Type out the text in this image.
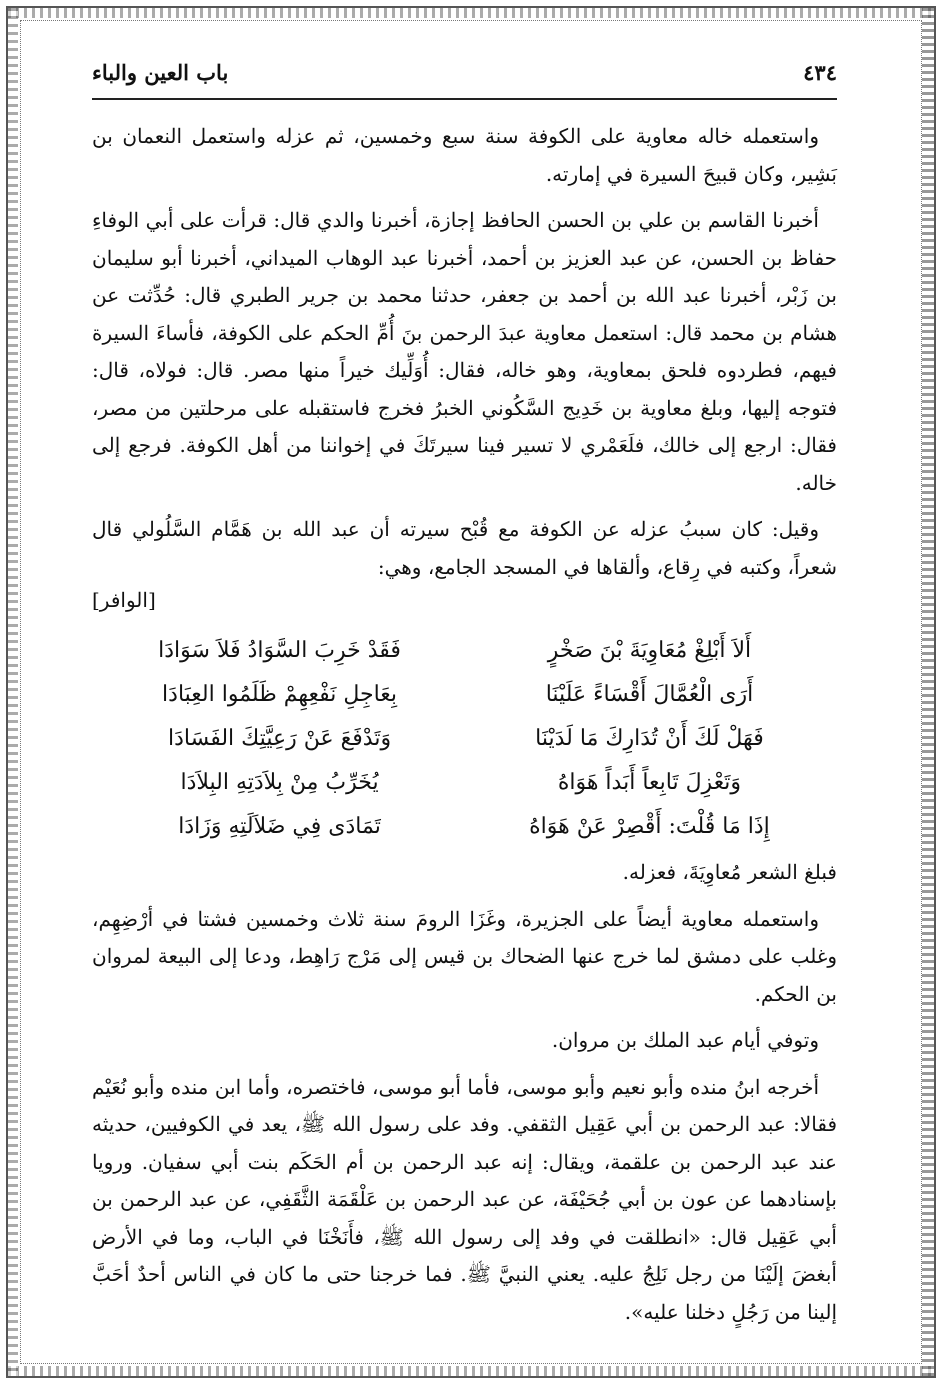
٤٣٤
باب العين والباء

واستعمله خاله معاوية على الكوفة سنة سبع وخمسين، ثم عزله واستعمل النعمان بن بَشِير، وكان قبيحَ السيرة في إمارته.

أخبرنا القاسم بن علي بن الحسن الحافظ إجازة، أخبرنا والدي قال: قرأت على أبي الوفاءِ حفاظ بن الحسن، عن عبد العزيز بن أحمد، أخبرنا عبد الوهاب الميداني، أخبرنا أبو سليمان بن زَبْر، أخبرنا عبد الله بن أحمد بن جعفر، حدثنا محمد بن جرير الطبري قال: حُدِّثت عن هشام بن محمد قال: استعمل معاوية عبدَ الرحمن بنَ أُمِّ الحكم على الكوفة، فأساءَ السيرة فيهم، فطردوه فلحق بمعاوية، وهو خاله، فقال: أُوَلِّيك خيراً منها مصر. قال: فولاه، قال: فتوجه إليها، وبلغ معاوية بن خَدِيج السَّكُوني الخبرُ فخرج فاستقبله على مرحلتين من مصر، فقال: ارجع إلى خالك، فلَعَمْري لا تسير فينا سيرتَكَ في إخواننا من أهل الكوفة. فرجع إلى خاله.

وقيل: كان سببُ عزله عن الكوفة مع قُبْح سيرته أن عبد الله بن هَمَّام السَّلُولي قال شعراً، وكتبه في رِقاع، وألقاها في المسجد الجامع، وهي:

[الوافر]
أَلاَ أَبْلِغْ مُعَاوِيَةَ بْنَ صَخْرٍ
فَقَدْ خَرِبَ السَّوَادُ فَلاَ سَوَادَا
أَرَى الْعُمَّالَ أَقْسَاءً عَلَيْنَا
بِعَاجِلِ نَفْعِهِمْ ظَلَمُوا العِبَادَا
فَهَلْ لَكَ أَنْ تُدَارِكَ مَا لَدَيْنَا
وَتَدْفَعَ عَنْ رَعِيَّتِكَ الفَسَادَا
وَتَعْزِلَ تَابِعاً أَبَداً هَوَاهُ
يُخَرِّبُ مِنْ بِلاَدَتِهِ البِلاَدَا
إِذَا مَا قُلْتَ: أَقْصِرْ عَنْ هَوَاهُ
تَمَادَى فِي ضَلاَلَتِهِ وَزَادَا

فبلغ الشعر مُعاوِيَةَ، فعزله.

واستعمله معاوية أيضاً على الجزيرة، وغَزَا الرومَ سنة ثلاث وخمسين فشتا في أرْضِهِم، وغلب على دمشق لما خرج عنها الضحاك بن قيس إلى مَرْج رَاهِط، ودعا إلى البيعة لمروان بن الحكم.

وتوفي أيام عبد الملك بن مروان.

أخرجه ابنُ منده وأبو نعيم وأبو موسى، فأما أبو موسى، فاختصره، وأما ابن منده وأبو نُعَيْم فقالا: عبد الرحمن بن أبي عَقِيل الثقفي. وفد على رسول الله ﷺ، يعد في الكوفيين، حديثه عند عبد الرحمن بن علقمة، ويقال: إنه عبد الرحمن بن أم الحَكَم بنت أبي سفيان. ورويا بإسنادهما عن عون بن أبي جُحَيْفَة، عن عبد الرحمن بن عَلْقَمَة الثَّقَفِي، عن عبد الرحمن بن أبي عَقِيل قال: «انطلقت في وفد إلى رسول الله ﷺ، فأَنَخْنَا في الباب، وما في الأرض أبغضَ إلَيْنَا من رجل نَلِجُ عليه. يعني النبيَّ ﷺ. فما خرجنا حتى ما كان في الناس أحدٌ أحَبَّ إلينا من رَجُلٍ دخلنا عليه».
